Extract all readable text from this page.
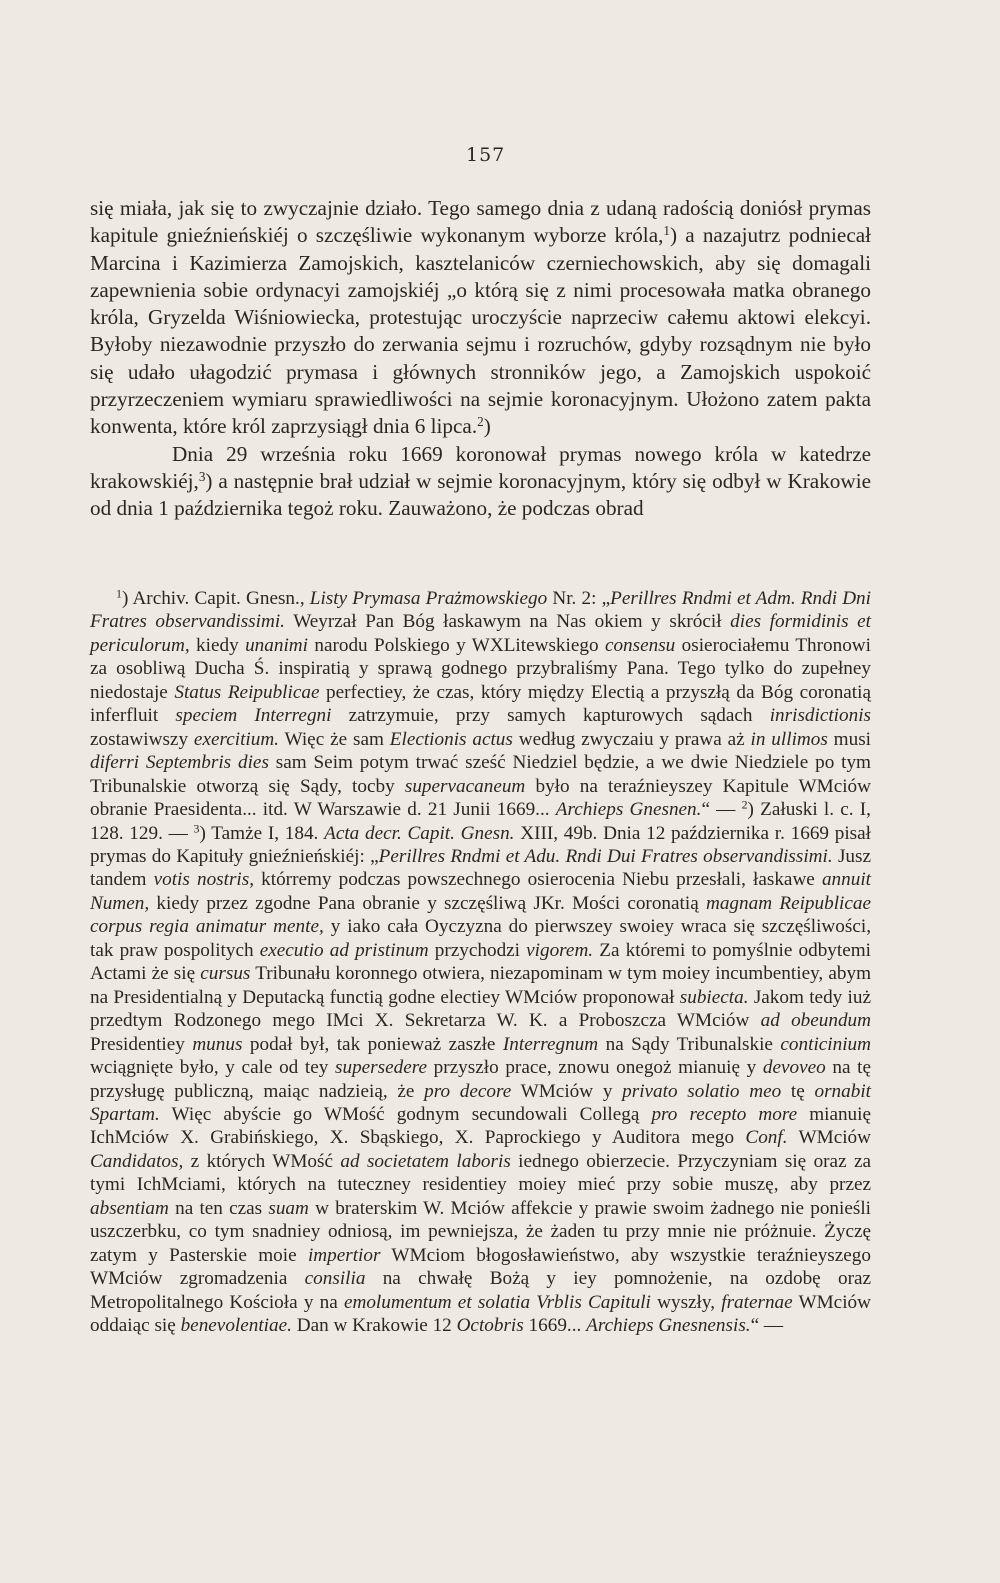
157

się miała, jak się to zwyczajnie działo. Tego samego dnia z udaną radością doniósł prymas kapitule gnieźnieńskiéj o szczęśliwie wykonanym wyborze króla,$^1$) a nazajutrz podniecał Marcina i Kazimierza Zamojskich, kasztelaniców czerniechowskich, aby się domagali zapewnienia sobie ordynacyi zamojskiéj „o którą się z nimi procesowała matka obranego króla, Gryzelda Wiśniowiecka, protestując uroczyście naprzeciw całemu aktowi elekcyi. Byłoby niezawodnie przyszło do zerwania sejmu i rozruchów, gdyby rozsądnym nie było się udało ułagodzić prymasa i głównych stronników jego, a Zamojskich uspokoić przyrzeczeniem wymiaru sprawiedliwości na sejmie koronacyjnym. Ułożono zatem pakta konwenta, które król zaprzysiągł dnia 6 lipca.$^2$)

Dnia 29 września roku 1669 koronował prymas nowego króla w katedrze krakowskiéj,$^3$) a następnie brał udział w sejmie koronacyjnym, który się odbył w Krakowie od dnia 1 października tegoż roku. Zauważono, że podczas obrad

$^1$) Archiv. Capit. Gnesn., Listy Prymasa Prażmowskiego Nr. 2: „Perillres Rndmi et Adm. Rndi Dni Fratres observandissimi. Weyrzał Pan Bóg łaskawym na Nas okiem y skrócił dies formidinis et periculorum, kiedy unanimi narodu Polskiego y WXLitewskiego consensu osierociałemu Thronowi za osobliwą Ducha Ś. inspiratią y sprawą godnego przybraliśmy Pana. Tego tylko do zupełney niedostaje Status Reipublicae perfectiey, że czas, który między Electią a przyszłą da Bóg coronatią inferfluit speciem Interregni zatrzymuie, przy samych kapturowych sądach inrisdictionis zostawiwszy exercitium. Więc że sam Electionis actus według zwyczaiu y prawa aż in ullimos musi diferri Septembris dies sam Seim potym trwać sześć Niedziel będzie, a we dwie Niedziele po tym Tribunalskie otworzą się Sądy, tocby supervacaneum było na teraźnieyszey Kapitule WMciów obranie Praesidenta... itd. W Warszawie d. 21 Junii 1669... Archieps Gnesnen.“ — $^2$) Załuski l. c. I, 128. 129. — $^3$) Tamże I, 184. Acta decr. Capit. Gnesn. XIII, 49b. Dnia 12 października r. 1669 pisał prymas do Kapituły gnieźnieńskiéj: „Perillres Rndmi et Adu. Rndi Dui Fratres observandissimi. Jusz tandem votis nostris, którremy podczas powszechnego osierocenia Niebu przesłali, łaskawe annuit Numen, kiedy przez zgodne Pana obranie y szczęśliwą JKr. Mości coronatią magnam Reipublicae corpus regia animatur mente, y iako cała Oyczyzna do pierwszey swoiey wraca się szczęśliwości, tak praw pospolitych executio ad pristinum przychodzi vigorem. Za któremi to pomyślnie odbytemi Actami że się cursus Tribunału koronnego otwiera, niezapominam w tym moiey incumbentiey, abym na Presidentialną y Deputacką functią godne electiey WMciów proponował subiecta. Jakom tedy iuż przedtym Rodzonego mego IMci X. Sekretarza W. K. a Proboszcza WMciów ad obeundum Presidentiey munus podał był, tak ponieważ zaszłe Interregnum na Sądy Tribunalskie conticinium wciągnięte było, y cale od tey supersedere przyszło prace, znowu onegoż mianuię y devoveo na tę przysługę publiczną, maiąc nadzieią, że pro decore WMciów y privato solatio meo tę ornabit Spartam. Więc abyście go WMość godnym secundowali Collegą pro recepto more mianuię IchMciów X. Grabińskiego, X. Sbąskiego, X. Paprockiego y Auditora mego Conf. WMciów Candidatos, z których WMość ad societatem laboris iednego obierzecie. Przyczyniam się oraz za tymi IchMciami, których na tuteczney residentiey moiey mieć przy sobie muszę, aby przez absentiam na ten czas suam w braterskim W. Mciów affekcie y prawie swoim żadnego nie ponieśli uszczerbku, co tym snadniey odniosą, im pewniejsza, że żaden tu przy mnie nie próżnuie. Życzę zatym y Pasterskie moie impertior WMciom błogosławieństwo, aby wszystkie teraźnieyszego WMciów zgromadzenia consilia na chwałę Bożą y iey pomnożenie, na ozdobę oraz Metropolitalnego Kościoła y na emolumentum et solatia Vrblis Capituli wyszły, fraternae WMciów oddaiąc się benevolentiae. Dan w Krakowie 12 Octobris 1669... Archieps Gnesnensis.“ —
